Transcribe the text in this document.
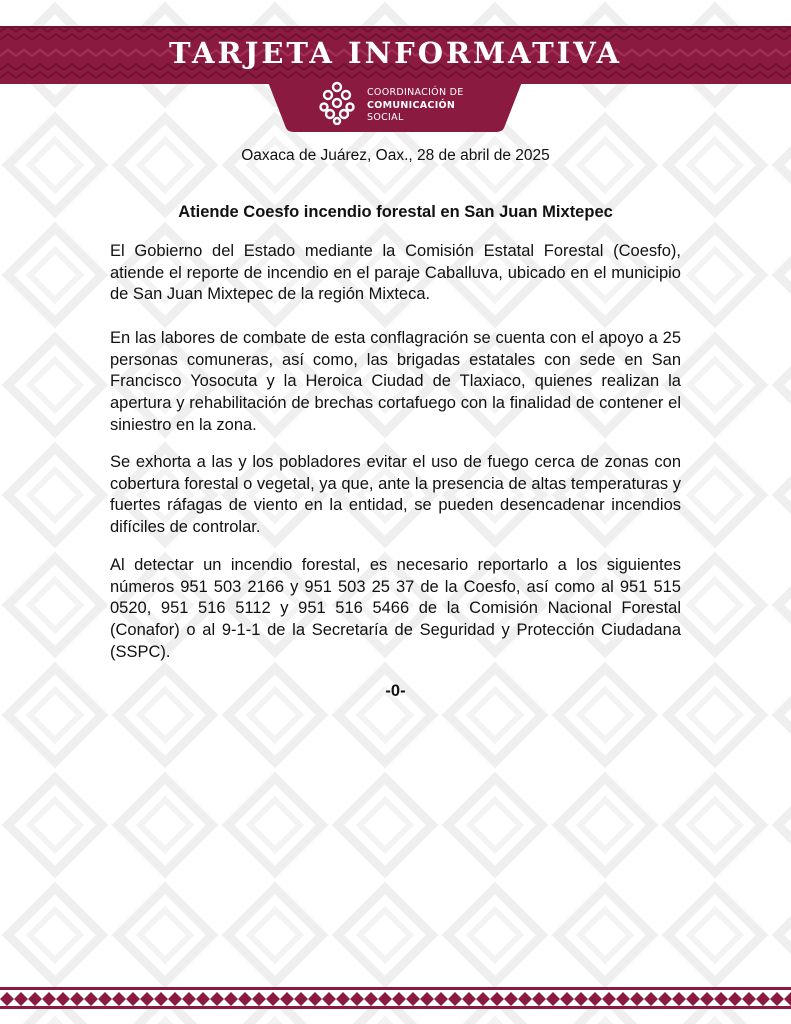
TARJETA INFORMATIVA
COORDINACIÓN DE
COMUNICACIÓN
SOCIAL
Oaxaca de Juárez, Oax., 28 de abril de 2025
Atiende Coesfo incendio forestal en San Juan Mixtepec

El Gobierno del Estado mediante la Comisión Estatal Forestal (Coesfo), atiende el reporte de incendio en el paraje Caballuva, ubicado en el municipio de San Juan Mixtepec de la región Mixteca.

En las labores de combate de esta conflagración se cuenta con el apoyo a 25 personas comuneras, así como, las brigadas estatales con sede en San Francisco Yosocuta y la Heroica Ciudad de Tlaxiaco, quienes realizan la apertura y rehabilitación de brechas cortafuego con la finalidad de contener el siniestro en la zona.

Se exhorta a las y los pobladores evitar el uso de fuego cerca de zonas con cobertura forestal o vegetal, ya que, ante la presencia de altas temperaturas y fuertes ráfagas de viento en la entidad, se pueden desencadenar incendios difíciles de controlar.

Al detectar un incendio forestal, es necesario reportarlo a los siguientes números 951 503 2166 y 951 503 25 37 de la Coesfo, así como al 951 515 0520, 951 516 5112 y 951 516 5466 de la Comisión Nacional Forestal (Conafor) o al 9-1-1 de la Secretaría de Seguridad y Protección Ciudadana (SSPC).

-0-
